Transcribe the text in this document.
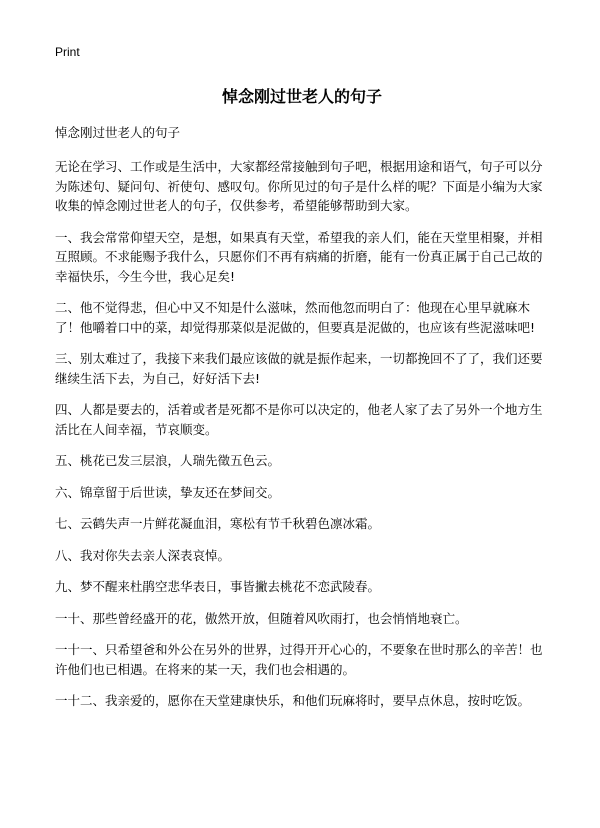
Print

悼念刚过世老人的句子

悼念刚过世老人的句子

无论在学习、工作或是生活中，大家都经常接触到句子吧，根据用途和语气，句子可以分为陈述句、疑问句、祈使句、感叹句。你所见过的句子是什么样的呢？下面是小编为大家收集的悼念刚过世老人的句子，仅供参考，希望能够帮助到大家。

一、我会常常仰望天空，是想，如果真有天堂，希望我的亲人们，能在天堂里相聚，并相互照顾。不求能赐予我什么，只愿你们不再有病痛的折磨，能有一份真正属于自己己故的幸福快乐，今生今世，我心足矣!

二、他不觉得悲，但心中又不知是什么滋味，然而他忽而明白了：他现在心里早就麻木了！他嚼着口中的菜，却觉得那菜似是泥做的，但要真是泥做的，也应该有些泥滋味吧!

三、别太难过了，我接下来我们最应该做的就是振作起来，一切都挽回不了了，我们还要继续生活下去，为自己，好好活下去!

四、人都是要去的，活着或者是死都不是你可以决定的，他老人家了去了另外一个地方生活比在人间幸福，节哀顺变。

五、桃花已发三层浪，人瑞先徵五色云。

六、锦章留于后世读，挚友还在梦间交。

七、云鹤失声一片鲜花凝血泪，寒松有节千秋碧色凛冰霜。

八、我对你失去亲人深表哀悼。

九、梦不醒来杜鹃空悲华表日，事皆撇去桃花不恋武陵春。

一十、那些曾经盛开的花，傲然开放，但随着风吹雨打，也会悄悄地衰亡。

一十一、只希望爸和外公在另外的世界，过得开开心心的，不要象在世时那么的辛苦！也许他们也已相遇。在将来的某一天，我们也会相遇的。

一十二、我亲爱的，愿你在天堂建康快乐，和他们玩麻将时，要早点休息，按时吃饭。
